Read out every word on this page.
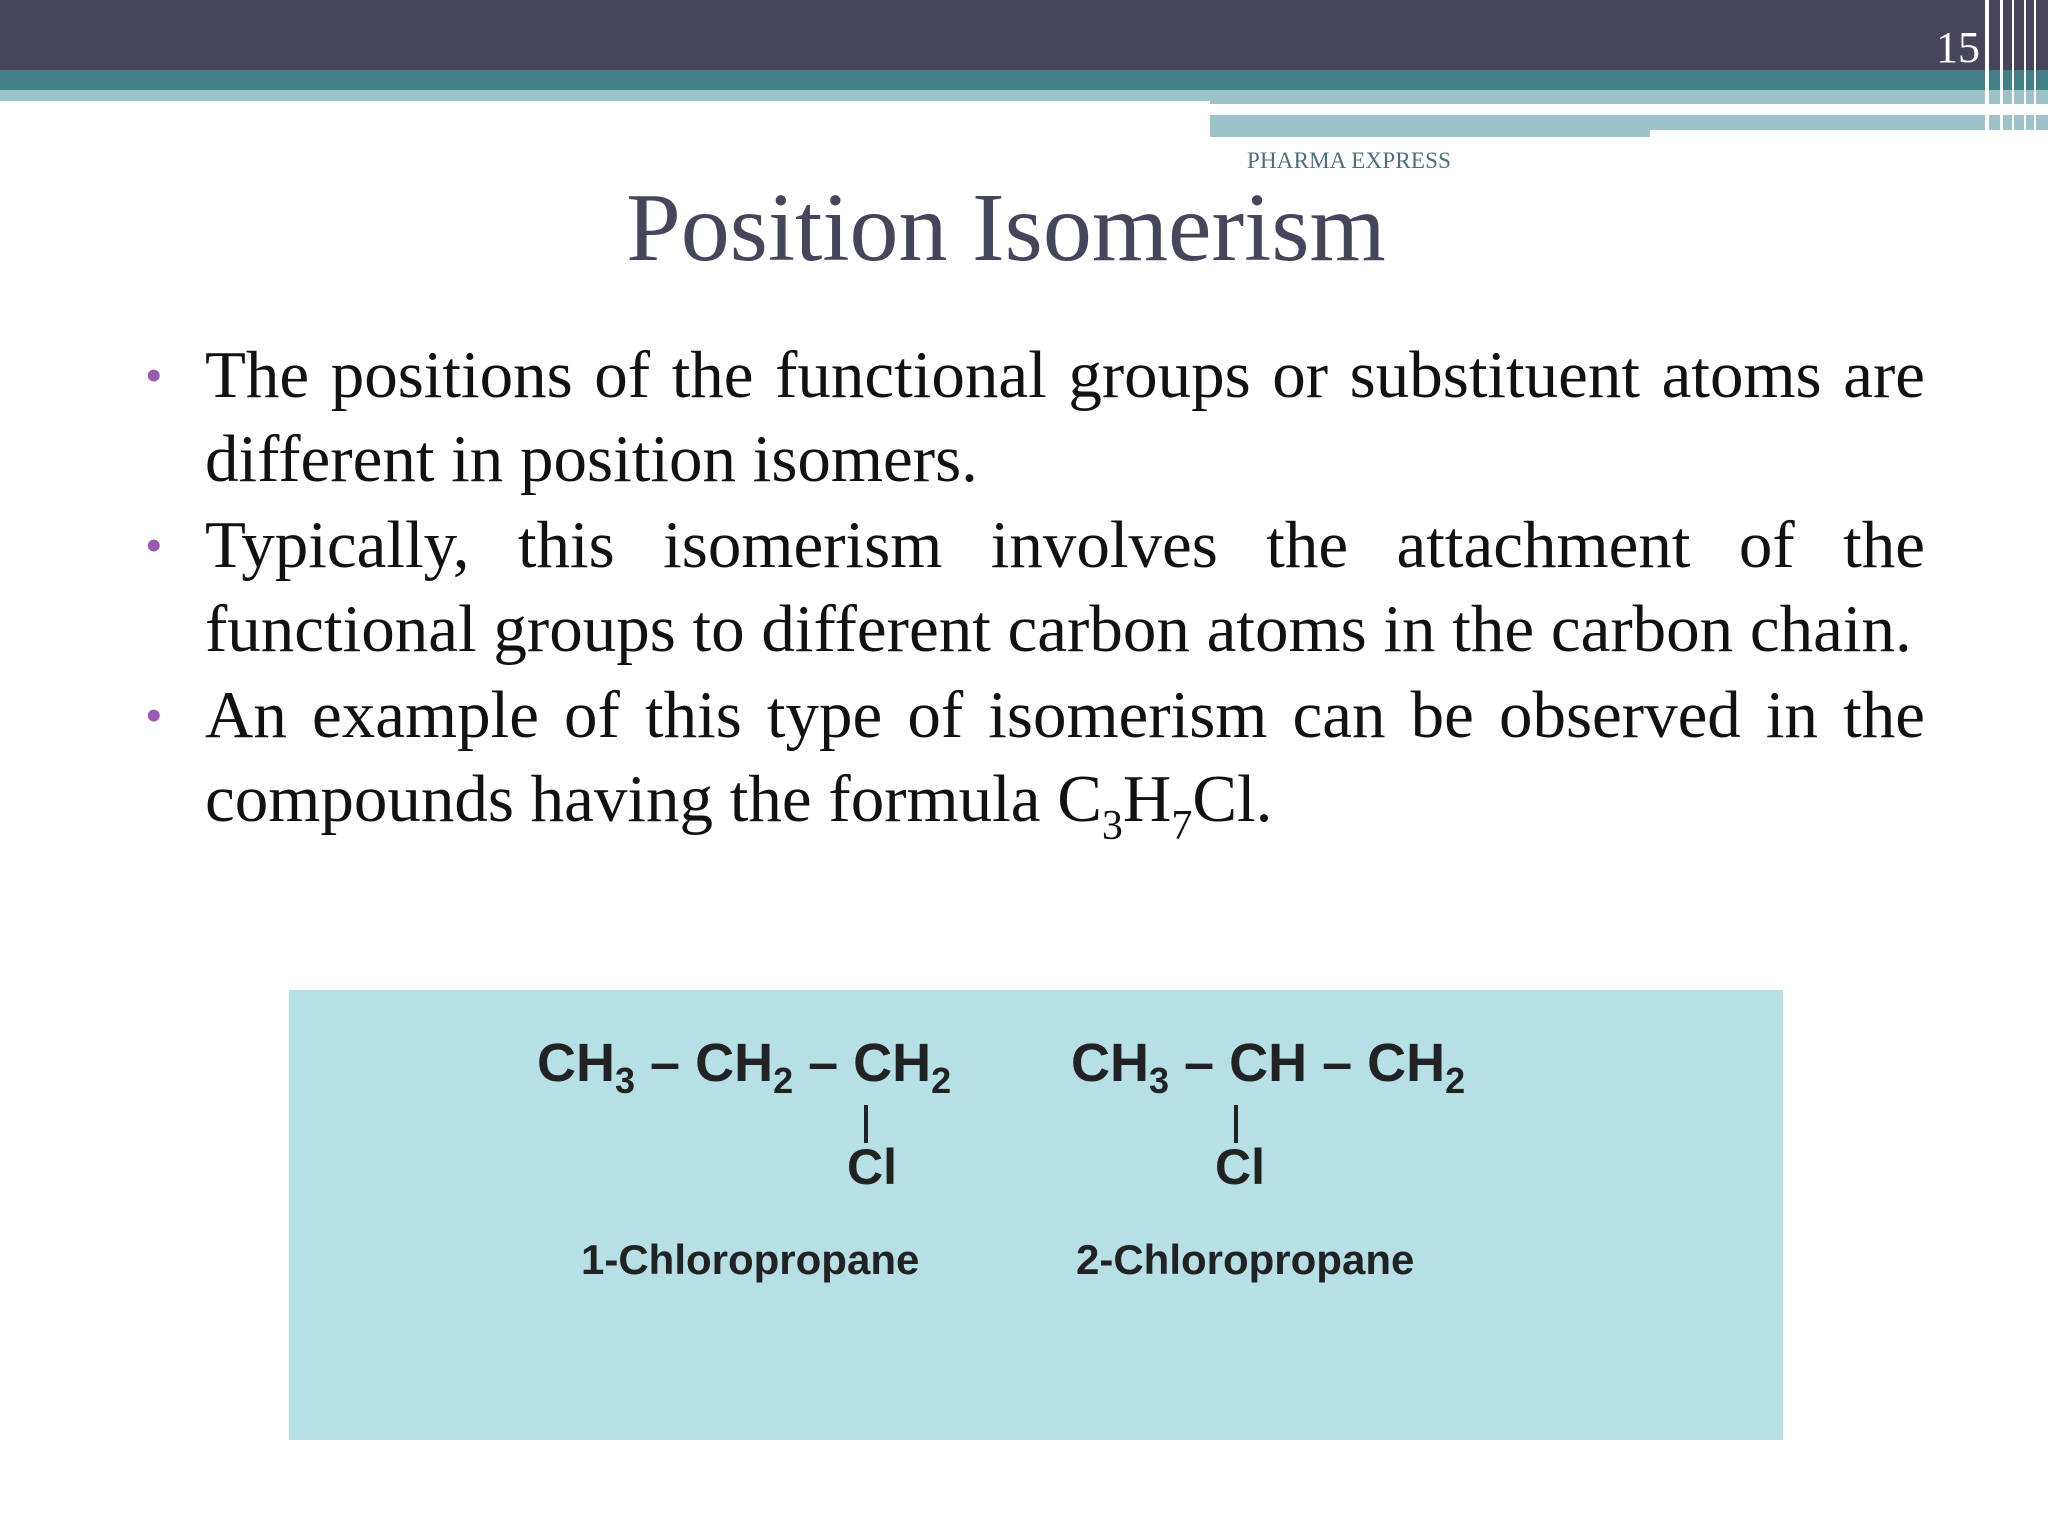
15
PHARMA EXPRESS
Position Isomerism
• The positions of the functional groups or substituent atoms are different in position isomers.
• Typically, this isomerism involves the attachment of the functional groups to different carbon atoms in the carbon chain.
• An example of this type of isomerism can be observed in the compounds having the formula $C_3H_7Cl$.
$CH_3 - CH_2 - CH_2$
Cl
1-Chloropropane
$CH_3$ – CH – $CH_2$
Cl
2-Chloropropane
